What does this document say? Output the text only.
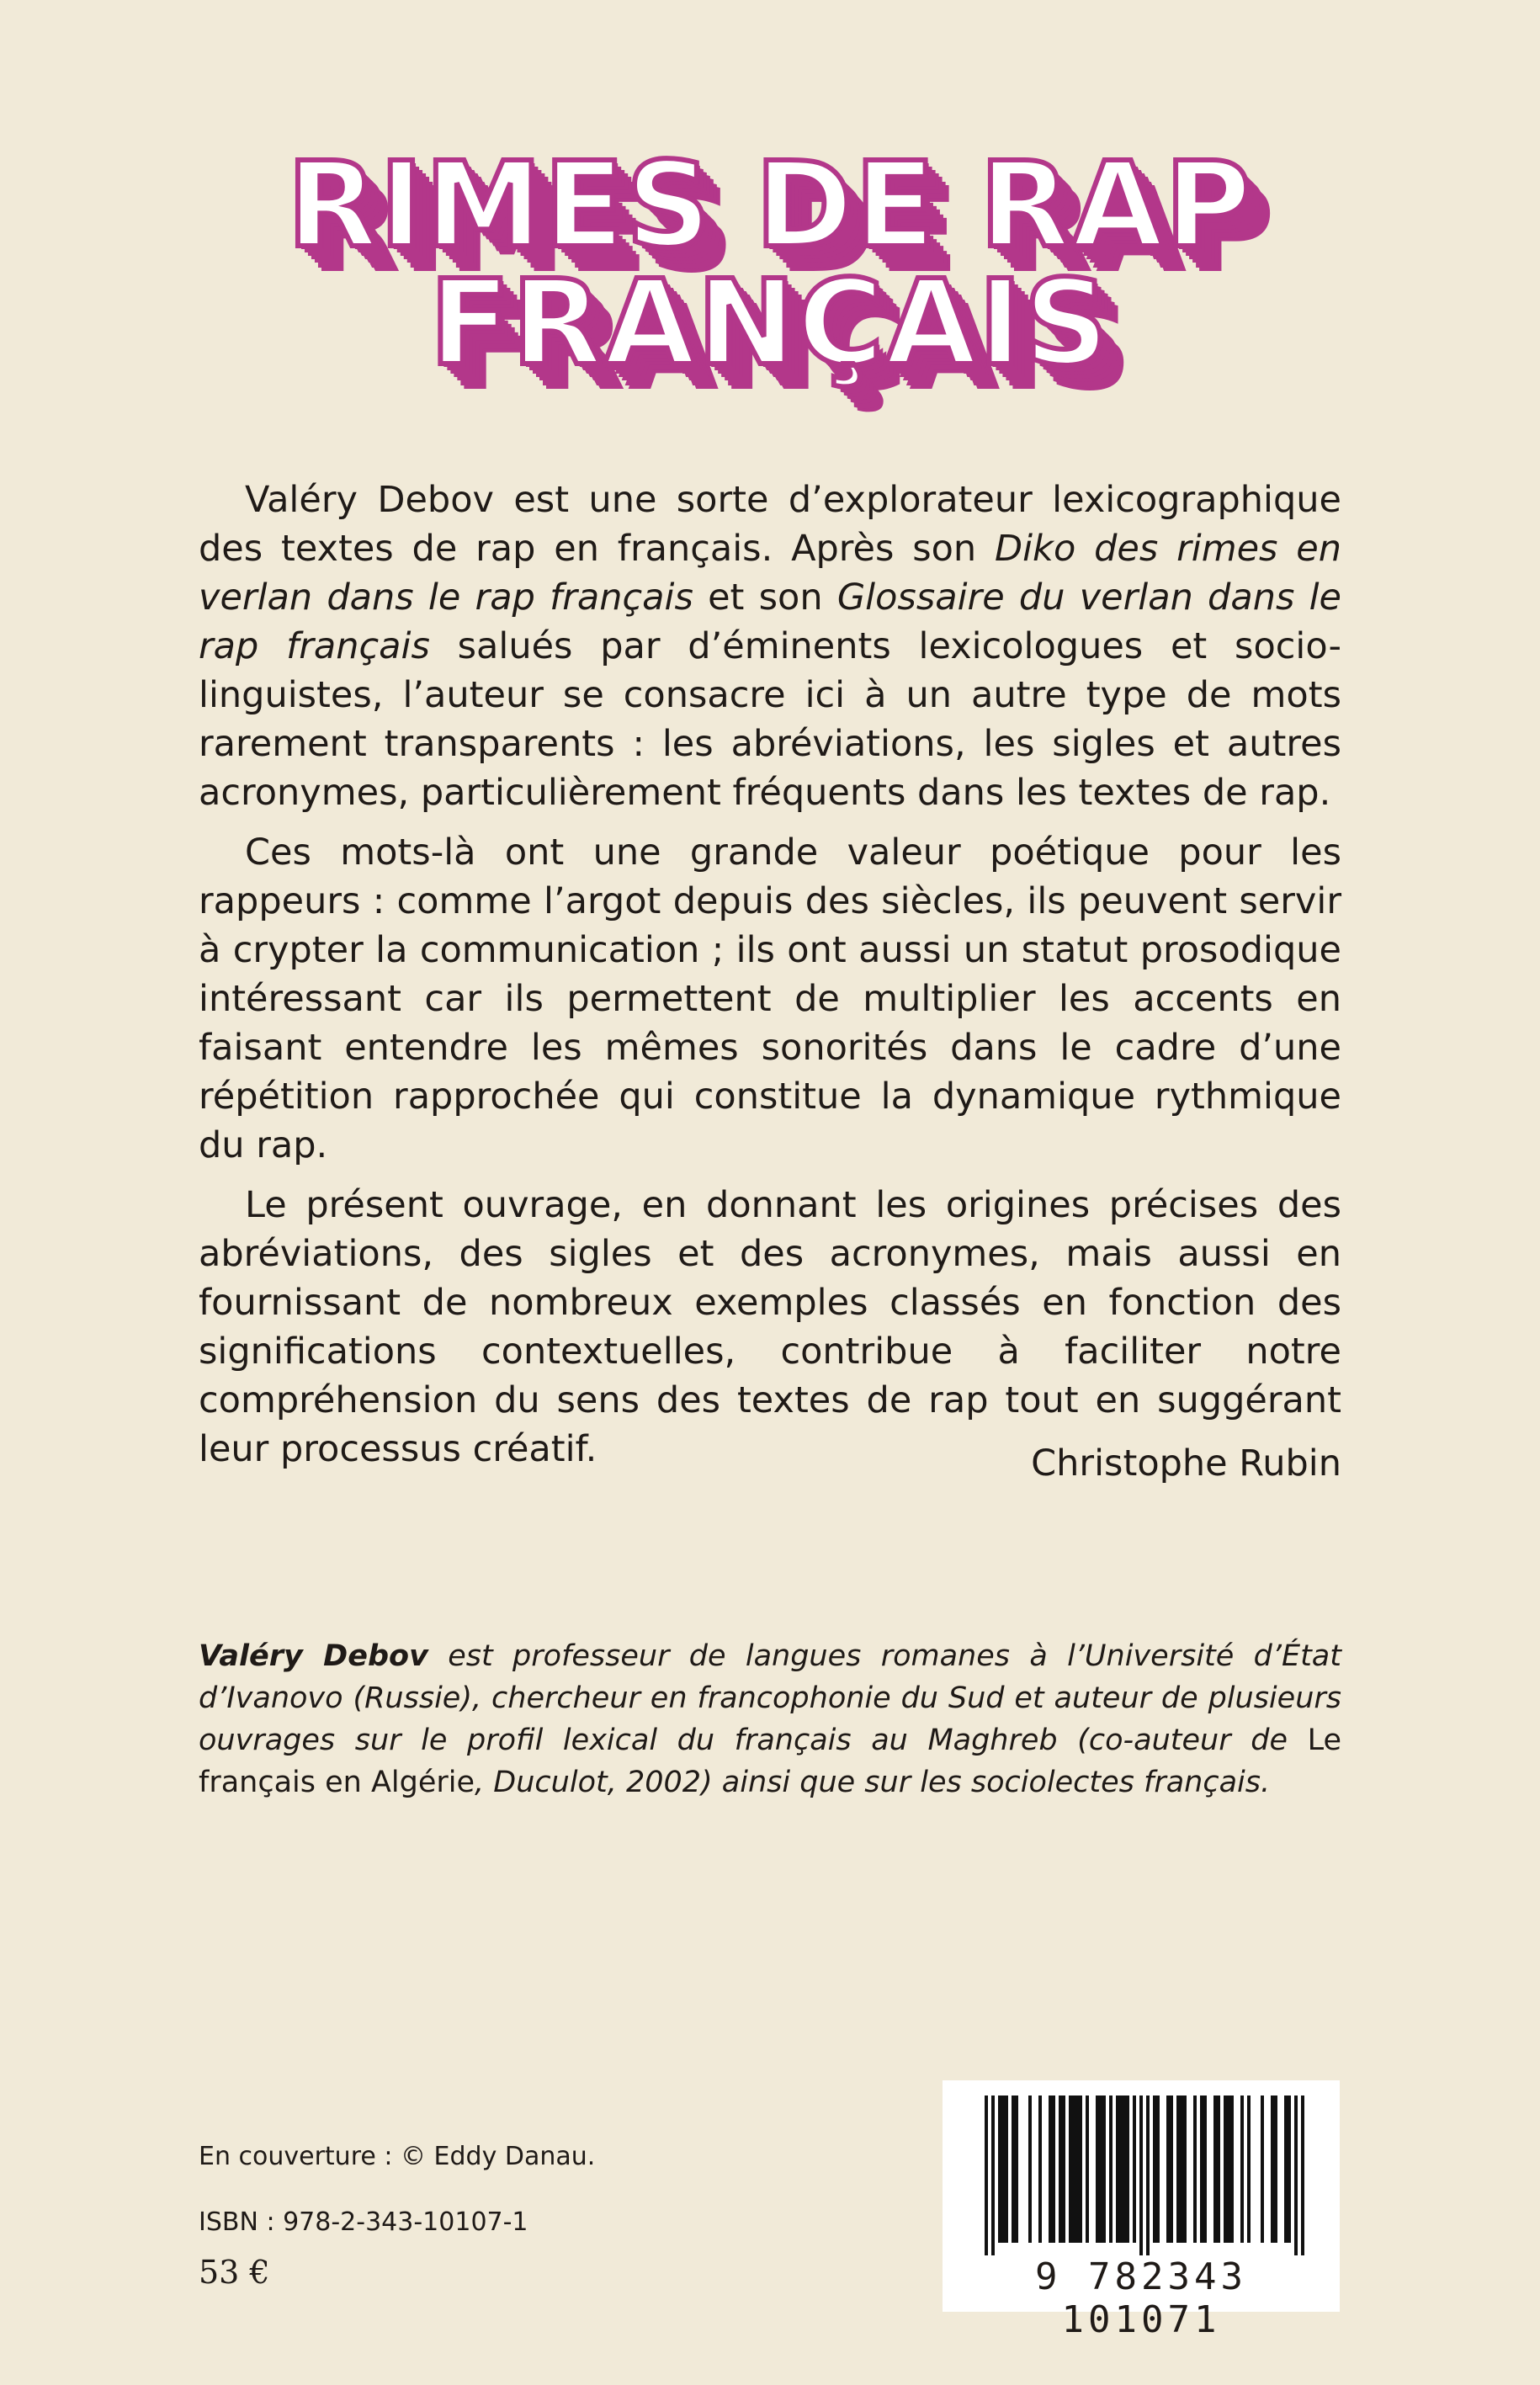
RIMES DE RAP FRANÇAIS

Valéry Debov est une sorte d’explorateur lexicographique des textes de rap en français. Après son Diko des rimes en verlan dans le rap français et son Glossaire du verlan dans le rap français salués par d’éminents lexicologues et socio-linguistes, l’auteur se consacre ici à un autre type de mots rarement transparents : les abréviations, les sigles et autres acronymes, particulièrement fréquents dans les textes de rap.

Ces mots-là ont une grande valeur poétique pour les rappeurs : comme l’argot depuis des siècles, ils peuvent servir à crypter la communication ; ils ont aussi un statut prosodique intéressant car ils permettent de multiplier les accents en faisant entendre les mêmes sonorités dans le cadre d’une répétition rapprochée qui constitue la dynamique rythmique du rap.

Le présent ouvrage, en donnant les origines précises des abréviations, des sigles et des acronymes, mais aussi en fournissant de nombreux exemples classés en fonction des significations contextuelles, contribue à faciliter notre compréhension du sens des textes de rap tout en suggérant leur processus créatif.	Christophe Rubin
Valéry Debov est professeur de langues romanes à l’Université d’État d’Ivanovo (Russie), chercheur en francophonie du Sud et auteur de plusieurs ouvrages sur le profil lexical du français au Maghreb (co-auteur de Le français en Algérie, Duculot, 2002) ainsi que sur les sociolectes français.
En couverture : © Eddy Danau.
ISBN : 978-2-343-10107-1
53 €	9 782343 101071
